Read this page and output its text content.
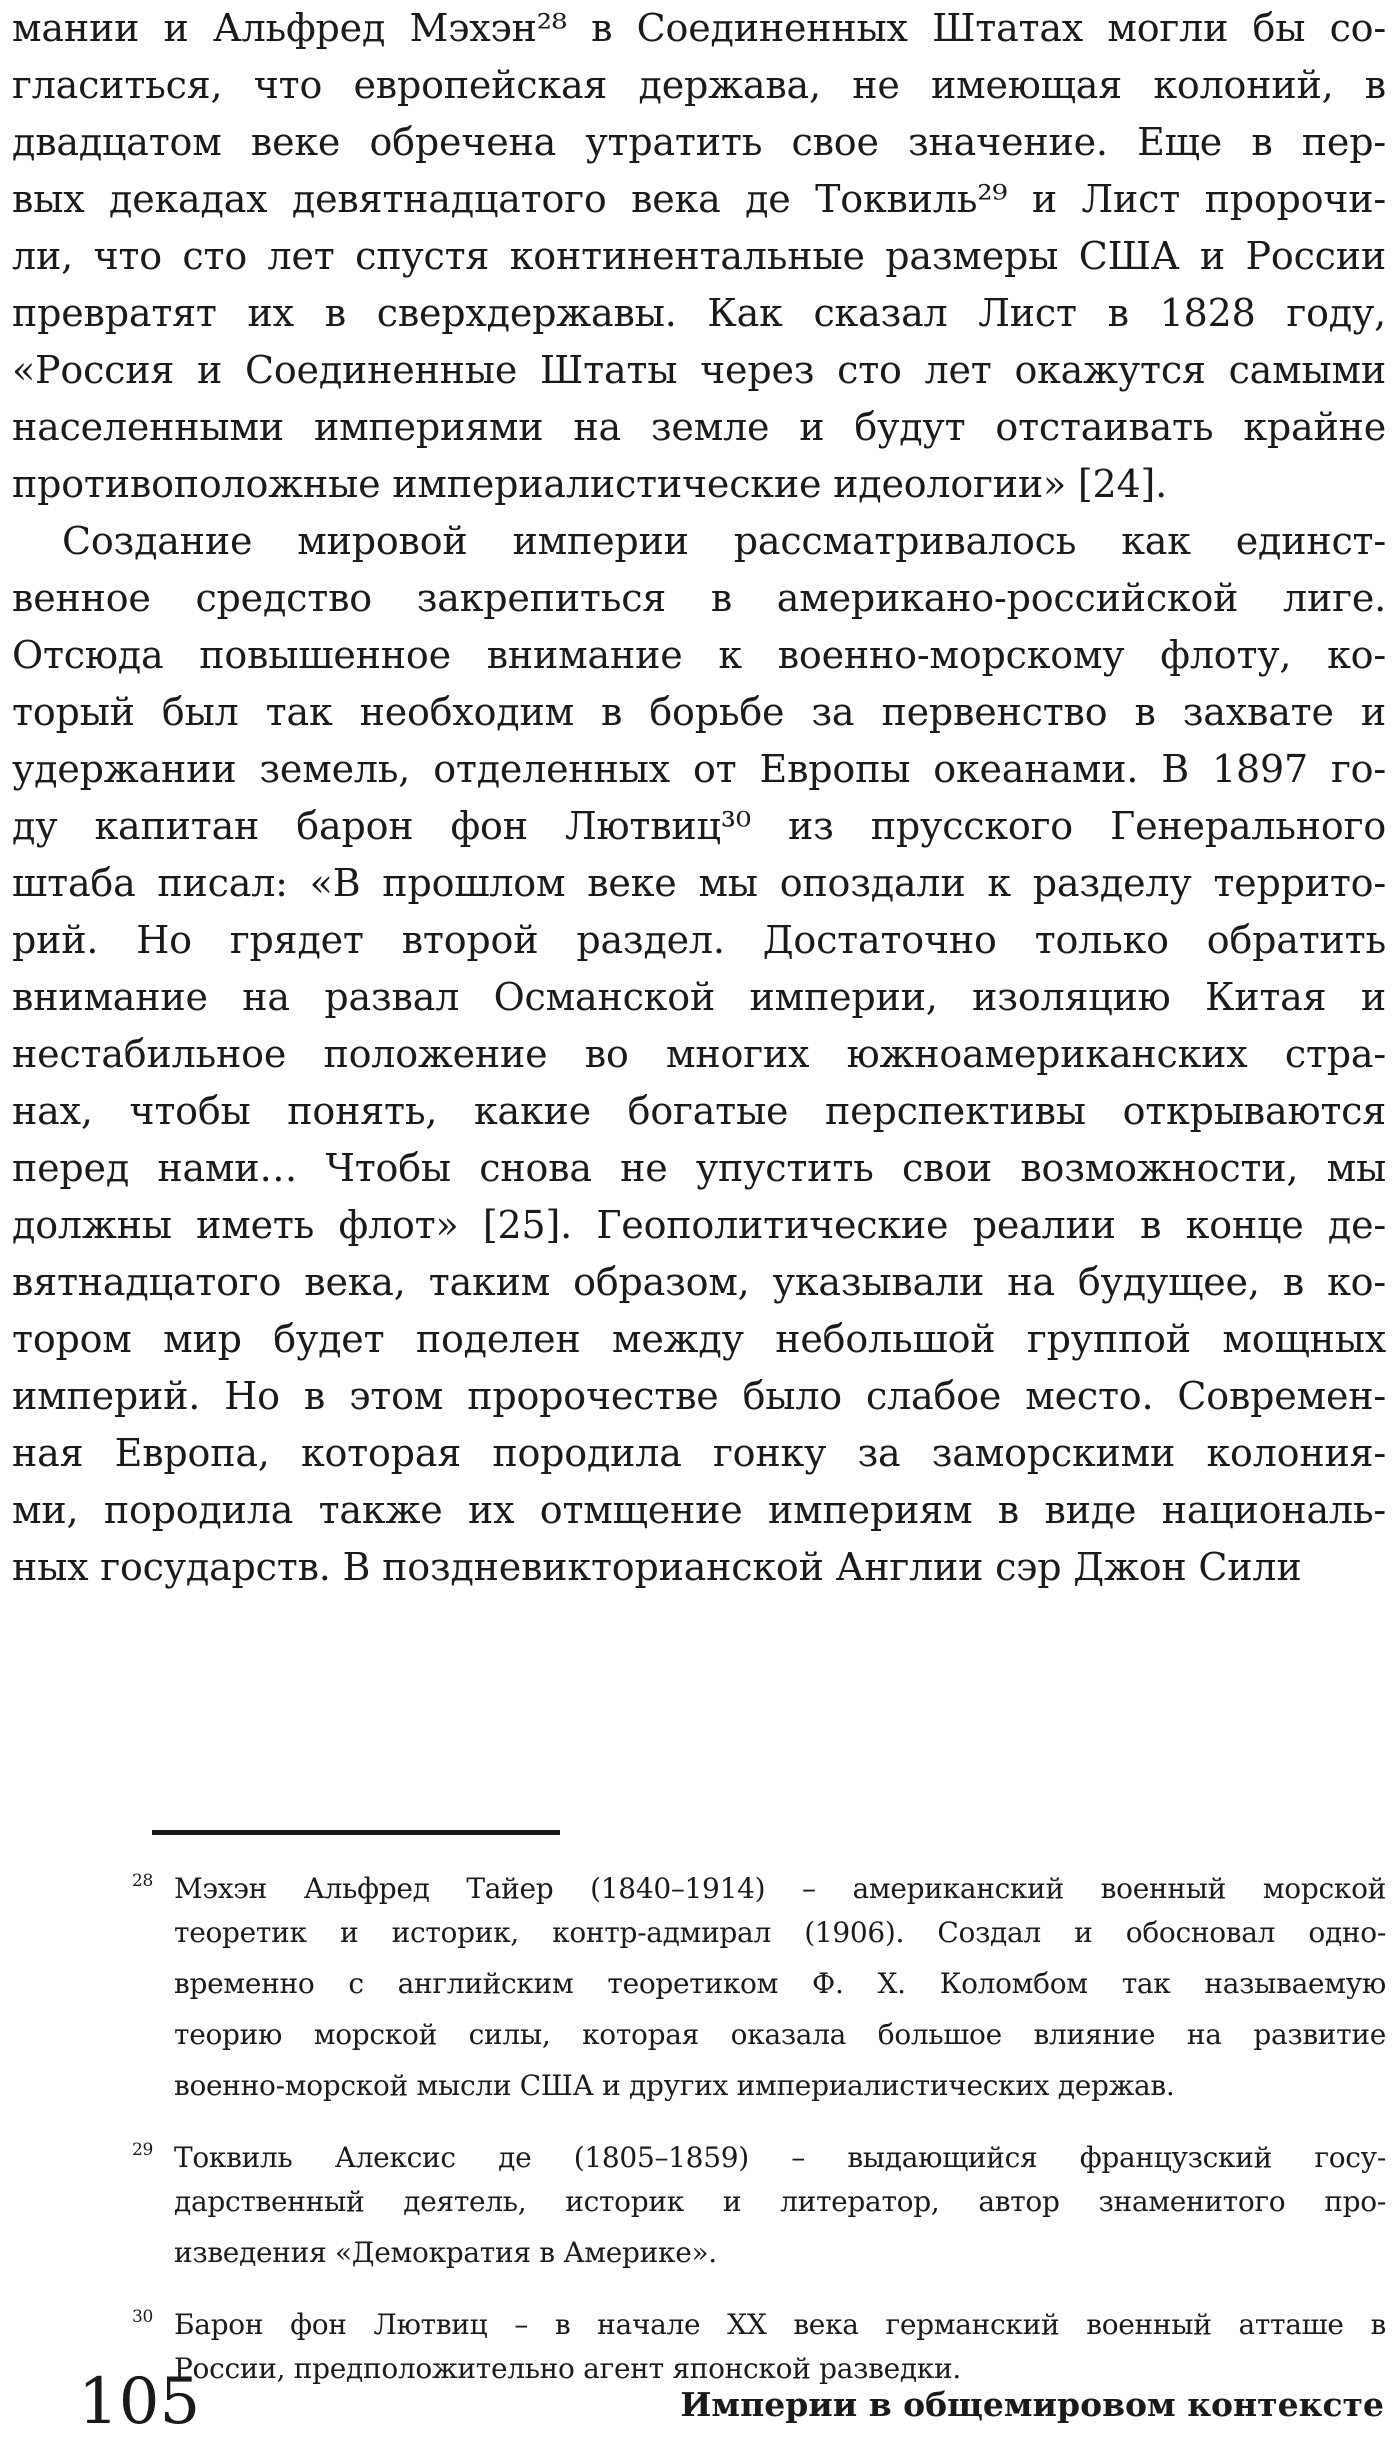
мании и Альфред Мэхэн²⁸ в Соединенных Штатах могли бы со-
гласиться, что европейская держава, не имеющая колоний, в
двадцатом веке обречена утратить свое значение. Еще в пер-
вых декадах девятнадцатого века де Токвиль²⁹ и Лист пророчи-
ли, что сто лет спустя континентальные размеры США и России
превратят их в сверхдержавы. Как сказал Лист в 1828 году,
«Россия и Соединенные Штаты через сто лет окажутся самыми
населенными империями на земле и будут отстаивать крайне
противоположные империалистические идеологии» [24].
Создание мировой империи рассматривалось как единст-
венное средство закрепиться в американо-российской лиге.
Отсюда повышенное внимание к военно-морскому флоту, ко-
торый был так необходим в борьбе за первенство в захвате и
удержании земель, отделенных от Европы океанами. В 1897 го-
ду капитан барон фон Лютвиц³⁰ из прусского Генерального
штаба писал: «В прошлом веке мы опоздали к разделу террито-
рий. Но грядет второй раздел. Достаточно только обратить
внимание на развал Османской империи, изоляцию Китая и
нестабильное положение во многих южноамериканских стра-
нах, чтобы понять, какие богатые перспективы открываются
перед нами… Чтобы снова не упустить свои возможности, мы
должны иметь флот» [25]. Геополитические реалии в конце де-
вятнадцатого века, таким образом, указывали на будущее, в ко-
тором мир будет поделен между небольшой группой мощных
империй. Но в этом пророчестве было слабое место. Современ-
ная Европа, которая породила гонку за заморскими колония-
ми, породила также их отмщение империям в виде националь-
ных государств. В поздневикторианской Англии сэр Джон Сили
28 Мэхэн Альфред Тайер (1840–1914) – американский военный морской
теоретик и историк, контр-адмирал (1906). Создал и обосновал одно-
временно с английским теоретиком Ф. Х. Коломбом так называемую
теорию морской силы, которая оказала большое влияние на развитие
военно-морской мысли США и других империалистических держав.
29 Токвиль Алексис де (1805–1859) – выдающийся французский госу-
дарственный деятель, историк и литератор, автор знаменитого про-
изведения «Демократия в Америке».
30 Барон фон Лютвиц – в начале XX века германский военный атташе в
России, предположительно агент японской разведки.
105	Империи в общемировом контексте
